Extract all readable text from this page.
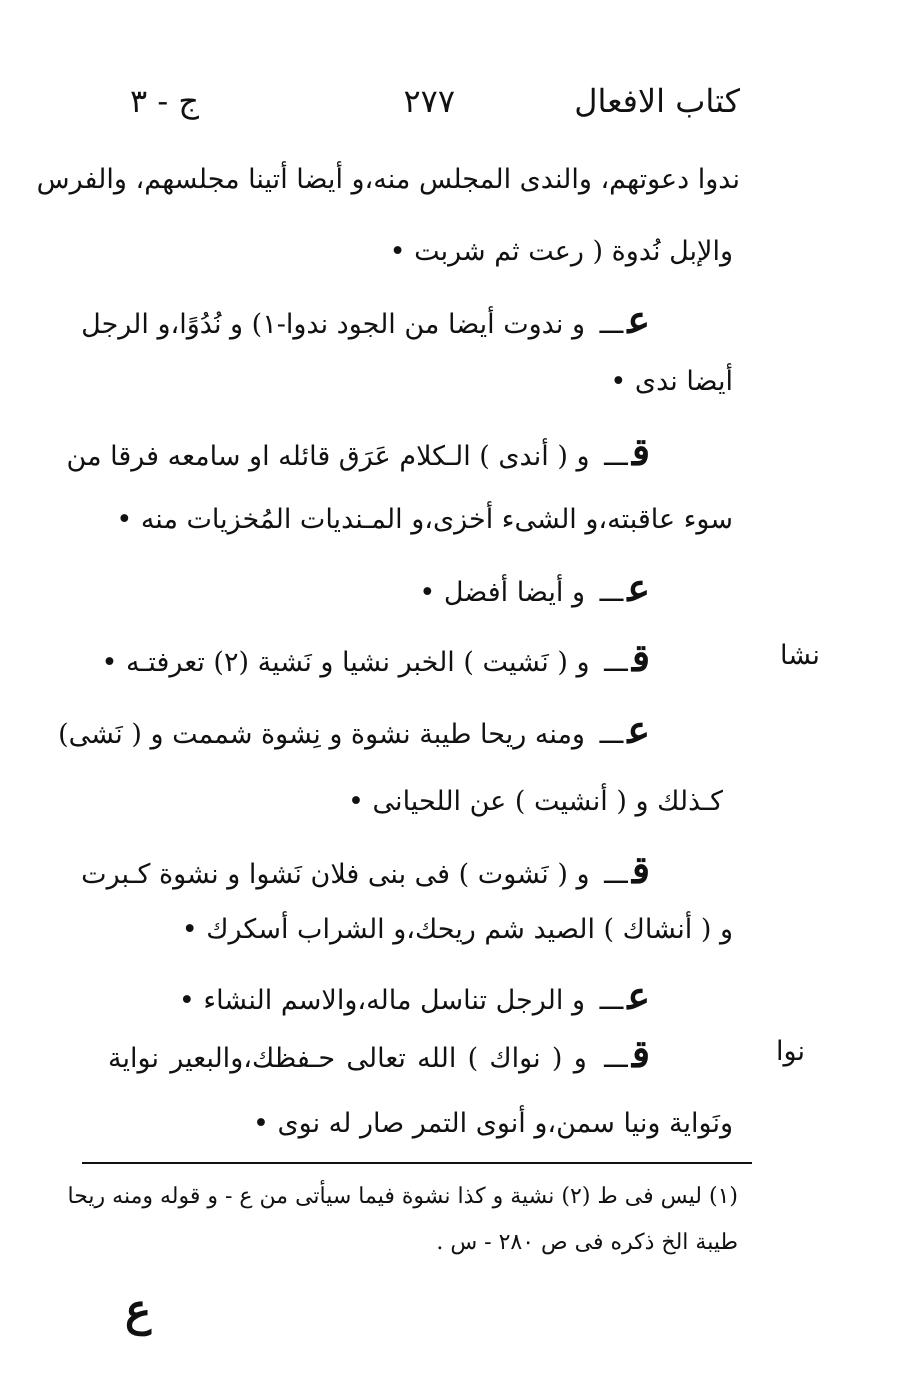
كتاب الافعال
٢٧٧
ج - ٣
ندوا دعوتهم، والندى المجلس منه،و أيضا أتينا مجلسهم، والفرس
والإبل نُدوة ( رعت ثم شربت •
عـــ و ندوت أيضا من الجود ندوا-١) و نُدُوًا،و الرجل
أيضا ندى •
قـــ و ( أندى ) الـكلام عَرَق قائله او سامعه فرقا من
سوء عاقبته،و الشىء أخزى،و المـنديات المُخزيات منه •
عـــ و أيضا أفضل •
نشا
قـــ و ( نَشيت ) الخبر نشيا و نَشية (٢) تعرفتـه •
عـــ ومنه ريحا طيبة نشوة و نِشوة شممت و ( نَشى)
كـذلك و ( أنشيت ) عن اللحيانى •
قـــ و ( نَشوت ) فى بنى فلان نَشوا و نشوة كـبرت
و ( أنشاك ) الصيد شم ريحك،و الشراب أسكرك •
عـــ و الرجل تناسل ماله،والاسم النشاء •
نوا
قـــ و ( نواك ) الله تعالى حـفظك،والبعير نواية
ونَواية ونيا سمن،و أنوى التمر صار له نوى •
(١) ليس فى ط (٢) نشية و كذا نشوة فيما سيأتى من ع - و قوله ومنه ريحا
طيبة الخ ذكره فى ص ٢٨٠ - س .
ع
